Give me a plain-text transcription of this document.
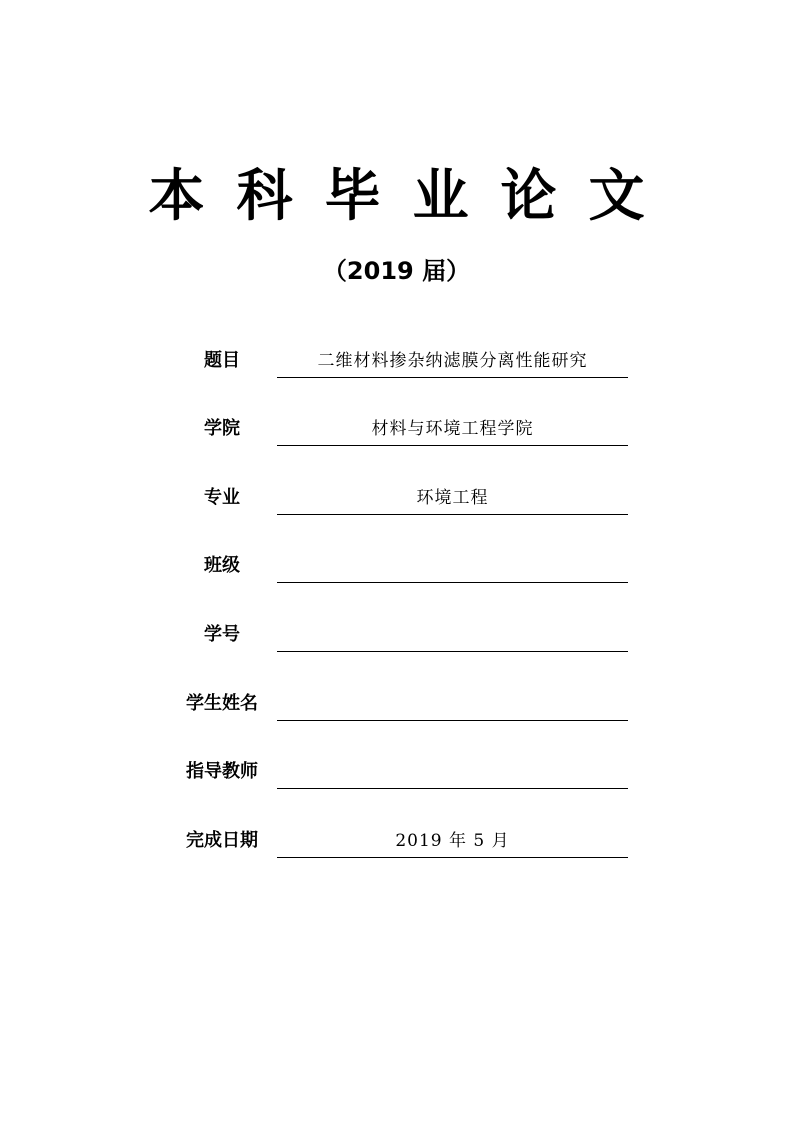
本科毕业论文
（2019 届）
题目	二维材料掺杂纳滤膜分离性能研究
学院	材料与环境工程学院
专业	环境工程
班级
学号
学生姓名
指导教师
完成日期	2019 年 5 月
